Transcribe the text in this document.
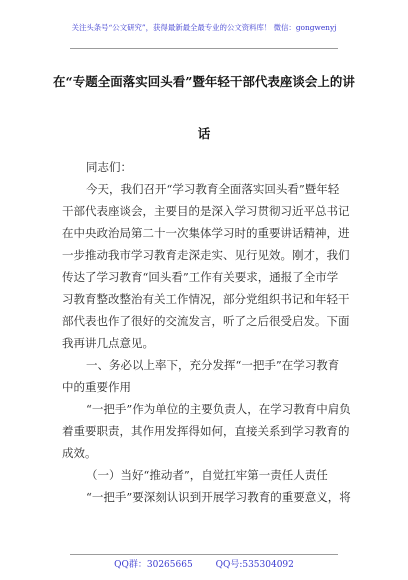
关注头条号“公文研究”，获得最新最全最专业的公文资料库！ 微信：gongwenyj
在“专题全面落实回头看”暨年轻干部代表座谈会上的讲
话
同志们：
今天，我们召开“学习教育全面落实回头看”暨年轻
干部代表座谈会，主要目的是深入学习贯彻习近平总书记
在中央政治局第二十一次集体学习时的重要讲话精神，进
一步推动我市学习教育走深走实、见行见效。刚才，我们
传达了学习教育“回头看”工作有关要求，通报了全市学
习教育整改整治有关工作情况，部分党组织书记和年轻干
部代表也作了很好的交流发言，听了之后很受启发。下面
我再讲几点意见。
一、务必以上率下，充分发挥“一把手”在学习教育
中的重要作用
“一把手”作为单位的主要负责人，在学习教育中肩负
着重要职责，其作用发挥得如何，直接关系到学习教育的
成效。
（一）当好“推动者”，自觉扛牢第一责任人责任
“一把手”要深刻认识到开展学习教育的重要意义，将
QQ群：30265665	QQ号:535304092
